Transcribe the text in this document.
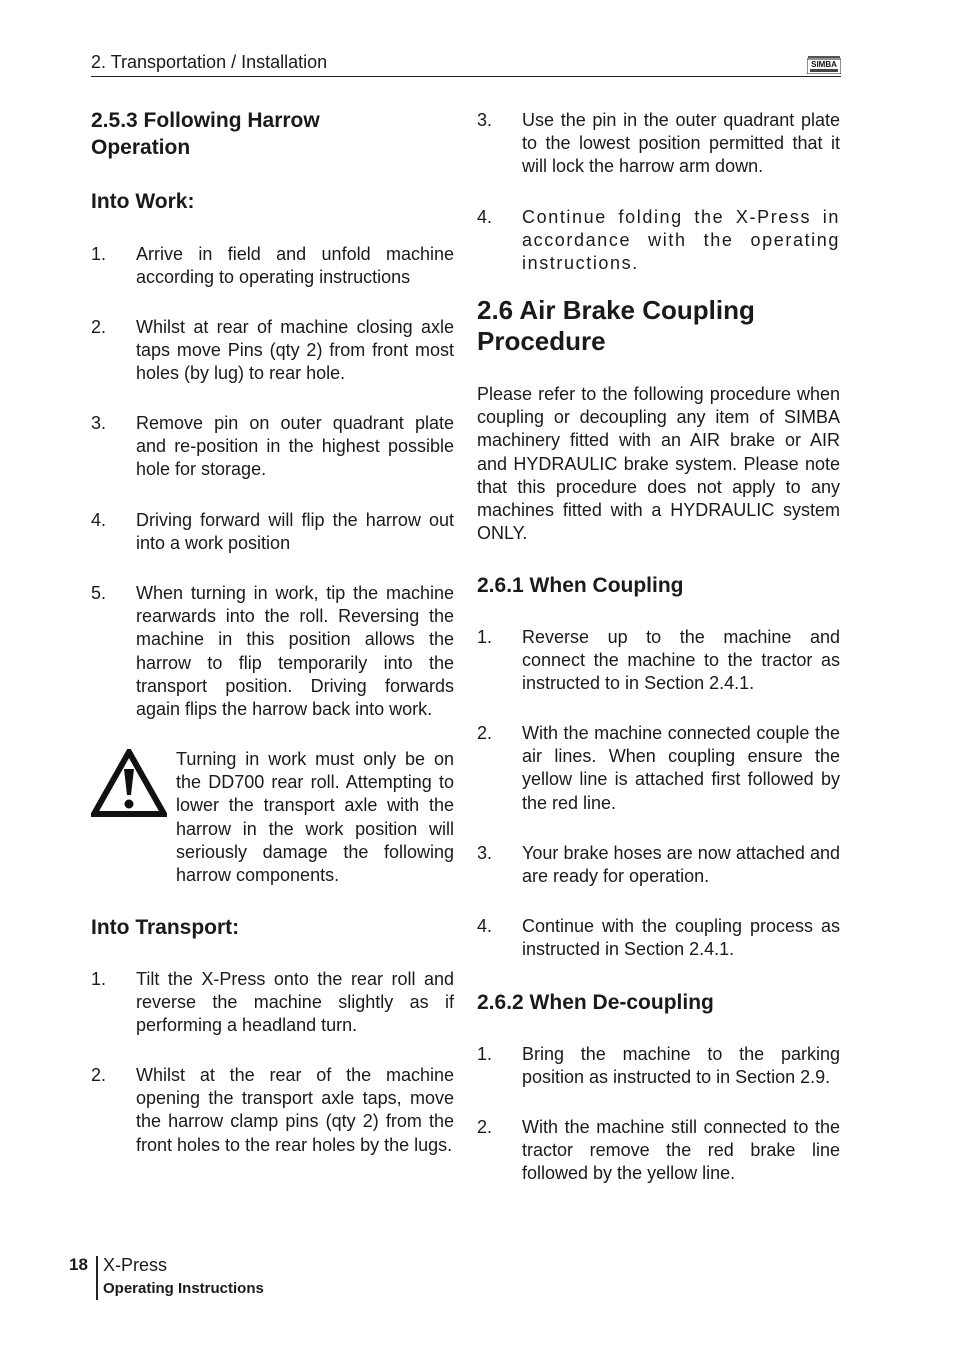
2. Transportation / Installation	SIMBA
2.5.3 Following Harrow
Operation
Into Work:
1. Arrive in field and unfold machine according to operating instructions
2. Whilst at rear of machine closing axle taps move Pins (qty 2) from front most holes (by lug) to rear hole.
3. Remove pin on outer quadrant plate and re-position in the highest possible hole for storage.
4. Driving forward will flip the harrow out into a work position
5. When turning in work, tip the machine rearwards into the roll. Reversing the machine in this position allows the harrow to flip temporarily into the transport position. Driving forwards again flips the harrow back into work.
Turning in work must only be on the DD700 rear roll. Attempting to lower the transport axle with the harrow in the work position will seriously damage the following harrow components.
Into Transport:
1. Tilt the X-Press onto the rear roll and reverse the machine slightly as if performing a headland turn.
2. Whilst at the rear of the machine opening the transport axle taps, move the harrow clamp pins (qty 2) from the front holes to the rear holes by the lugs.
3. Use the pin in the outer quadrant plate to the lowest position permitted that it will lock the harrow arm down.
4. Continue folding the X-Press in accordance with the operating instructions.
2.6 Air Brake Coupling
Procedure
Please refer to the following procedure when coupling or decoupling any item of SIMBA machinery fitted with an AIR brake or AIR and HYDRAULIC brake system. Please note that this procedure does not apply to any machines fitted with a HYDRAULIC system ONLY.
2.6.1 When Coupling
1. Reverse up to the machine and connect the machine to the tractor as instructed to in Section 2.4.1.
2. With the machine connected couple the air lines. When coupling ensure the yellow line is attached first followed by the red line.
3. Your brake hoses are now attached and are ready for operation.
4. Continue with the coupling process as instructed in Section 2.4.1.
2.6.2 When De-coupling
1. Bring the machine to the parking position as instructed to in Section 2.9.
2. With the machine still connected to the tractor remove the red brake line followed by the yellow line.
18 X-Press
Operating Instructions
